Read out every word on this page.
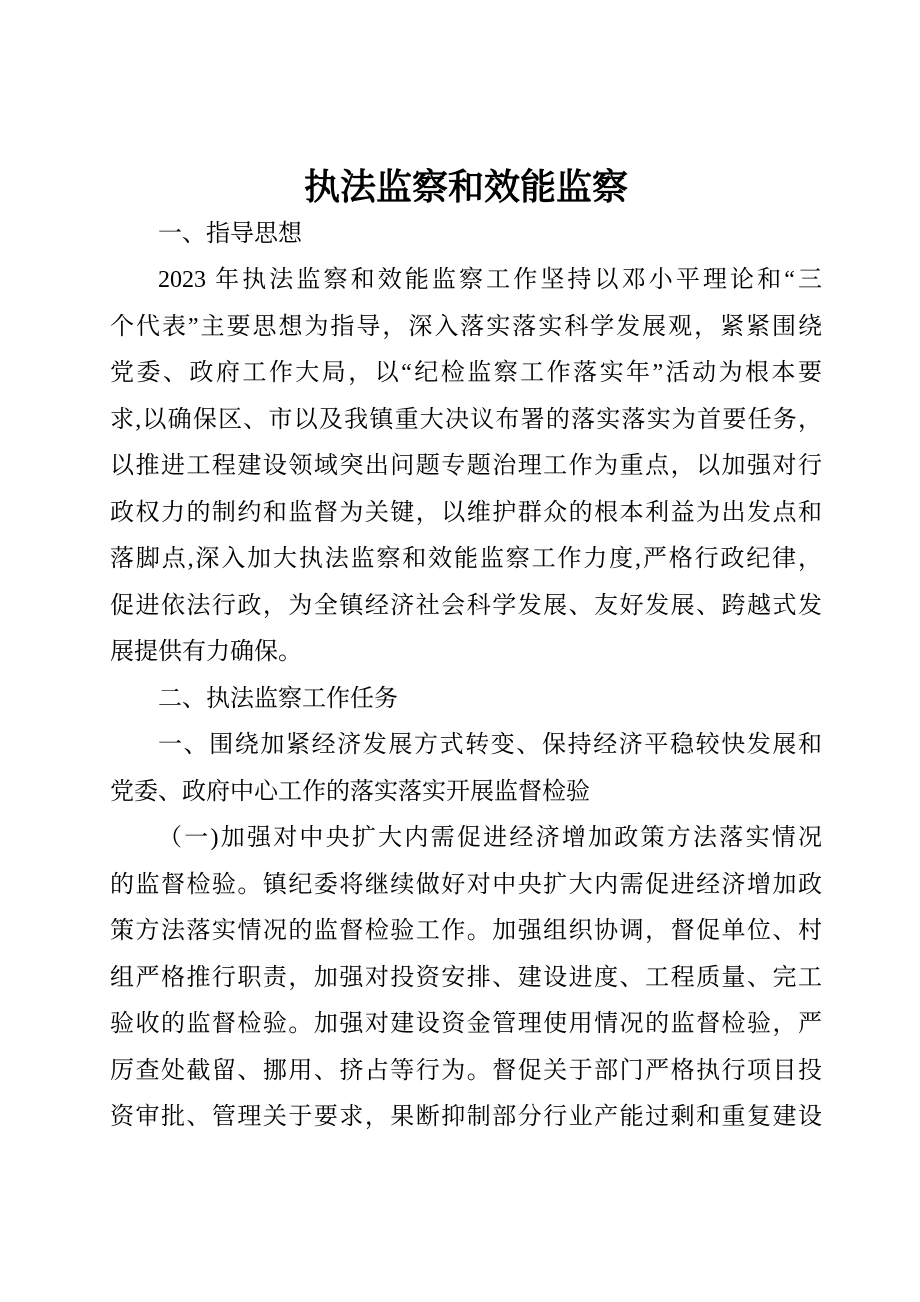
执法监察和效能监察
一、指导思想
2023 年执法监察和效能监察工作坚持以邓小平理论和“三
个代表”主要思想为指导，深入落实落实科学发展观，紧紧围绕
党委、政府工作大局，以“纪检监察工作落实年”活动为根本要
求,以确保区、市以及我镇重大决议布署的落实落实为首要任务，
以推进工程建设领域突出问题专题治理工作为重点，以加强对行
政权力的制约和监督为关键，以维护群众的根本利益为出发点和
落脚点,深入加大执法监察和效能监察工作力度,严格行政纪律，
促进依法行政，为全镇经济社会科学发展、友好发展、跨越式发
展提供有力确保。
二、执法监察工作任务
一、围绕加紧经济发展方式转变、保持经济平稳较快发展和
党委、政府中心工作的落实落实开展监督检验
（一)加强对中央扩大内需促进经济增加政策方法落实情况
的监督检验。镇纪委将继续做好对中央扩大内需促进经济增加政
策方法落实情况的监督检验工作。加强组织协调，督促单位、村
组严格推行职责，加强对投资安排、建设进度、工程质量、完工
验收的监督检验。加强对建设资金管理使用情况的监督检验，严
厉查处截留、挪用、挤占等行为。督促关于部门严格执行项目投
资审批、管理关于要求，果断抑制部分行业产能过剩和重复建设
